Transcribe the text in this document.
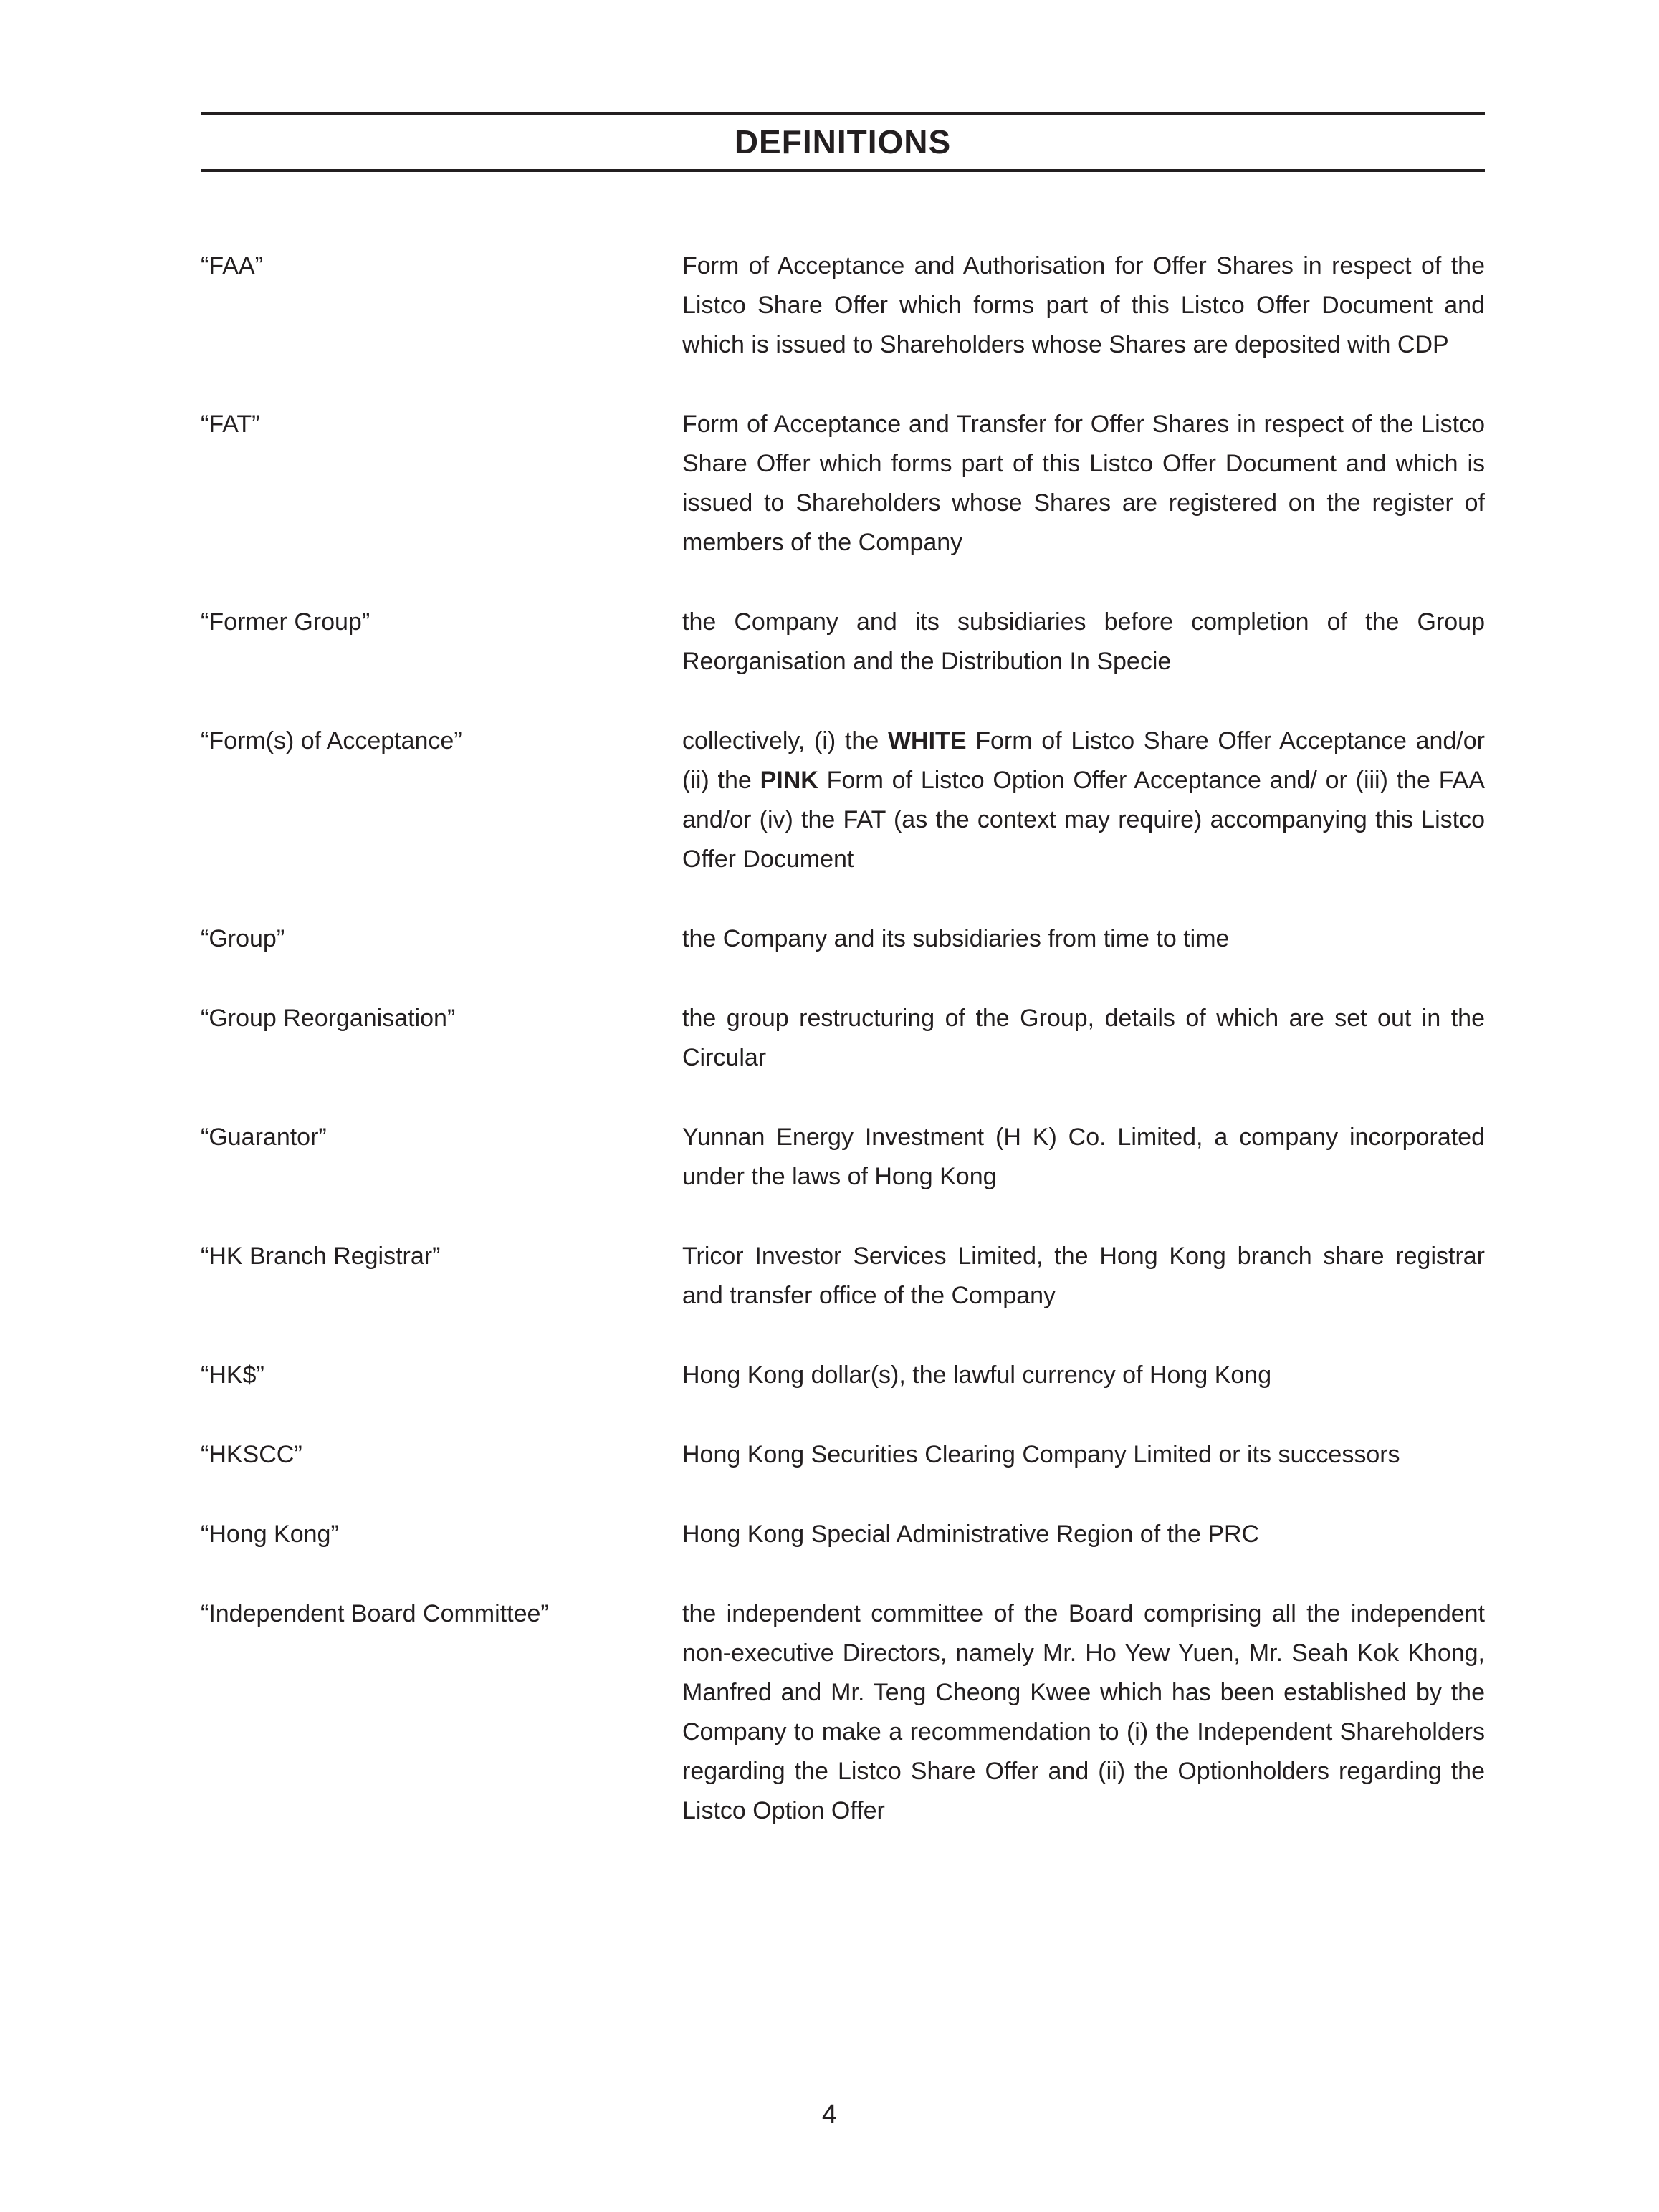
DEFINITIONS
“FAA”	Form of Acceptance and Authorisation for Offer Shares in respect of the Listco Share Offer which forms part of this Listco Offer Document and which is issued to Shareholders whose Shares are deposited with CDP
“FAT”	Form of Acceptance and Transfer for Offer Shares in respect of the Listco Share Offer which forms part of this Listco Offer Document and which is issued to Shareholders whose Shares are registered on the register of members of the Company
“Former Group”	the Company and its subsidiaries before completion of the Group Reorganisation and the Distribution In Specie
“Form(s) of Acceptance”	collectively, (i) the WHITE Form of Listco Share Offer Acceptance and/or (ii) the PINK Form of Listco Option Offer Acceptance and/ or (iii) the FAA and/or (iv) the FAT (as the context may require) accompanying this Listco Offer Document
“Group”	the Company and its subsidiaries from time to time
“Group Reorganisation”	the group restructuring of the Group, details of which are set out in the Circular
“Guarantor”	Yunnan Energy Investment (H K) Co. Limited, a company incorporated under the laws of Hong Kong
“HK Branch Registrar”	Tricor Investor Services Limited, the Hong Kong branch share registrar and transfer office of the Company
“HK$”	Hong Kong dollar(s), the lawful currency of Hong Kong
“HKSCC”	Hong Kong Securities Clearing Company Limited or its successors
“Hong Kong”	Hong Kong Special Administrative Region of the PRC
“Independent Board Committee”	the independent committee of the Board comprising all the independent non-executive Directors, namely Mr. Ho Yew Yuen, Mr. Seah Kok Khong, Manfred and Mr. Teng Cheong Kwee which has been established by the Company to make a recommendation to (i) the Independent Shareholders regarding the Listco Share Offer and (ii) the Optionholders regarding the Listco Option Offer
4
